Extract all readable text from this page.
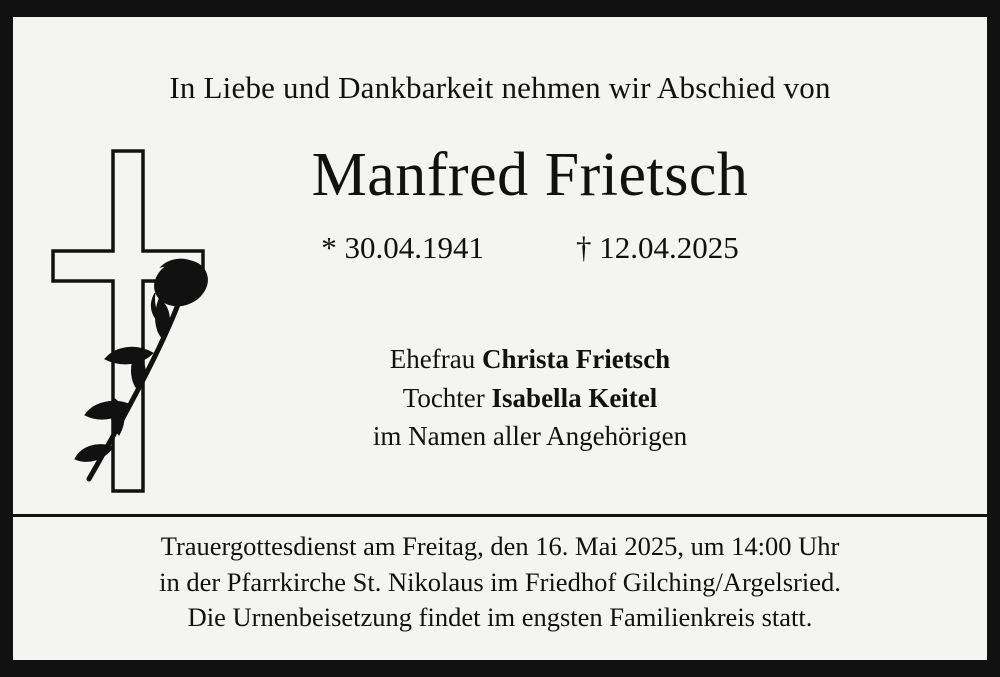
In Liebe und Dankbarkeit nehmen wir Abschied von
Manfred Frietsch
* 30.04.1941	† 12.04.2025
Ehefrau Christa Frietsch
Tochter Isabella Keitel
im Namen aller Angehörigen
Trauergottesdienst am Freitag, den 16. Mai 2025, um 14:00 Uhr
in der Pfarrkirche St. Nikolaus im Friedhof Gilching/Argelsried.
Die Urnenbeisetzung findet im engsten Familienkreis statt.
